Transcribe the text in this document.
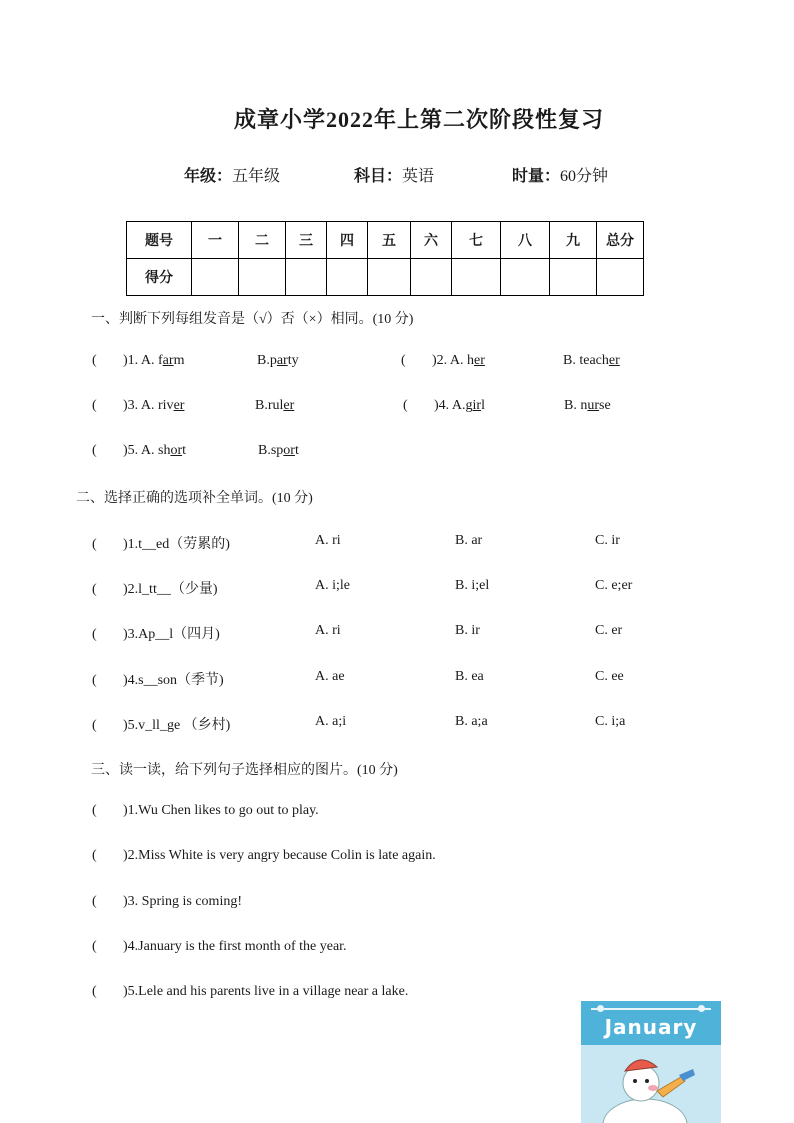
成章小学2022年上第二次阶段性复习
年级：五年级	科目：英语	时量：60分钟
题号	一	二	三	四	五	六	七	八	九	总分
得分										
一、判断下列每组发音是（√）否（×）相同。(10 分)
( )1. A. farm	B.party	( )2. A. her	B. teacher
( )3. A. river	B.ruler	( )4. A.girl	B. nurse
( )5. A. short	B.sport
二、选择正确的选项补全单词。(10 分)
( )1.t__ed（劳累的)	A. ri	B. ar	C. ir
( )2.l_tt__（少量)	A. i;le	B. i;el	C. e;er
( )3.Ap__l（四月)	A. ri	B. ir	C. er
( )4.s__son（季节)	A. ae	B. ea	C. ee
( )5.v_ll_ge （乡村)	A. a;i	B. a;a	C. i;a
三、读一读，给下列句子选择相应的图片。(10 分)
( )1.Wu Chen likes to go out to play.
( )2.Miss White is very angry because Colin is late again.
( )3. Spring is coming!
( )4.January is the first month of the year.
( )5.Lele and his parents live in a village near a lake.
January
